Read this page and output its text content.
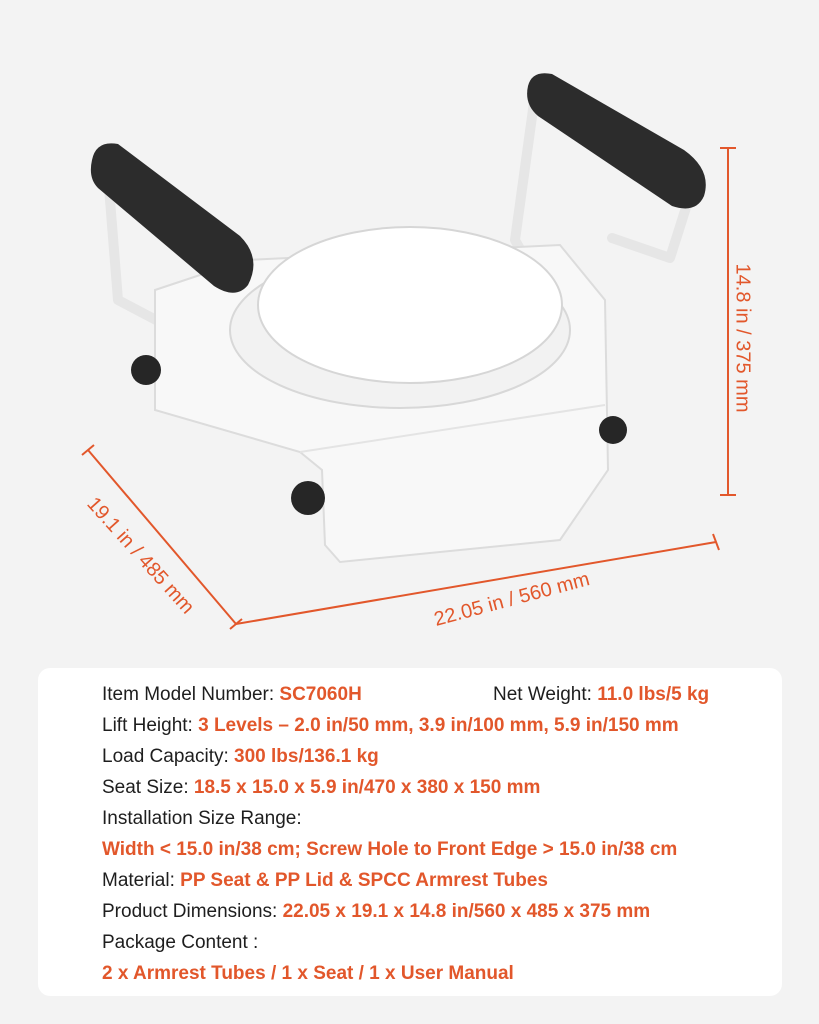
14.8 in / 375 mm
19.1 in / 485 mm	22.05 in / 560 mm
Item Model Number: SC7060H	Net Weight: 11.0 lbs/5 kg
Lift Height: 3 Levels – 2.0 in/50 mm, 3.9 in/100 mm, 5.9 in/150 mm
Load Capacity: 300 lbs/136.1 kg
Seat Size: 18.5 x 15.0 x 5.9 in/470 x 380 x 150 mm
Installation Size Range:
Width < 15.0 in/38 cm; Screw Hole to Front Edge > 15.0 in/38 cm
Material: PP Seat & PP Lid & SPCC Armrest Tubes
Product Dimensions: 22.05 x 19.1 x 14.8 in/560 x 485 x 375 mm
Package Content :
2 x Armrest Tubes / 1 x Seat / 1 x User Manual
